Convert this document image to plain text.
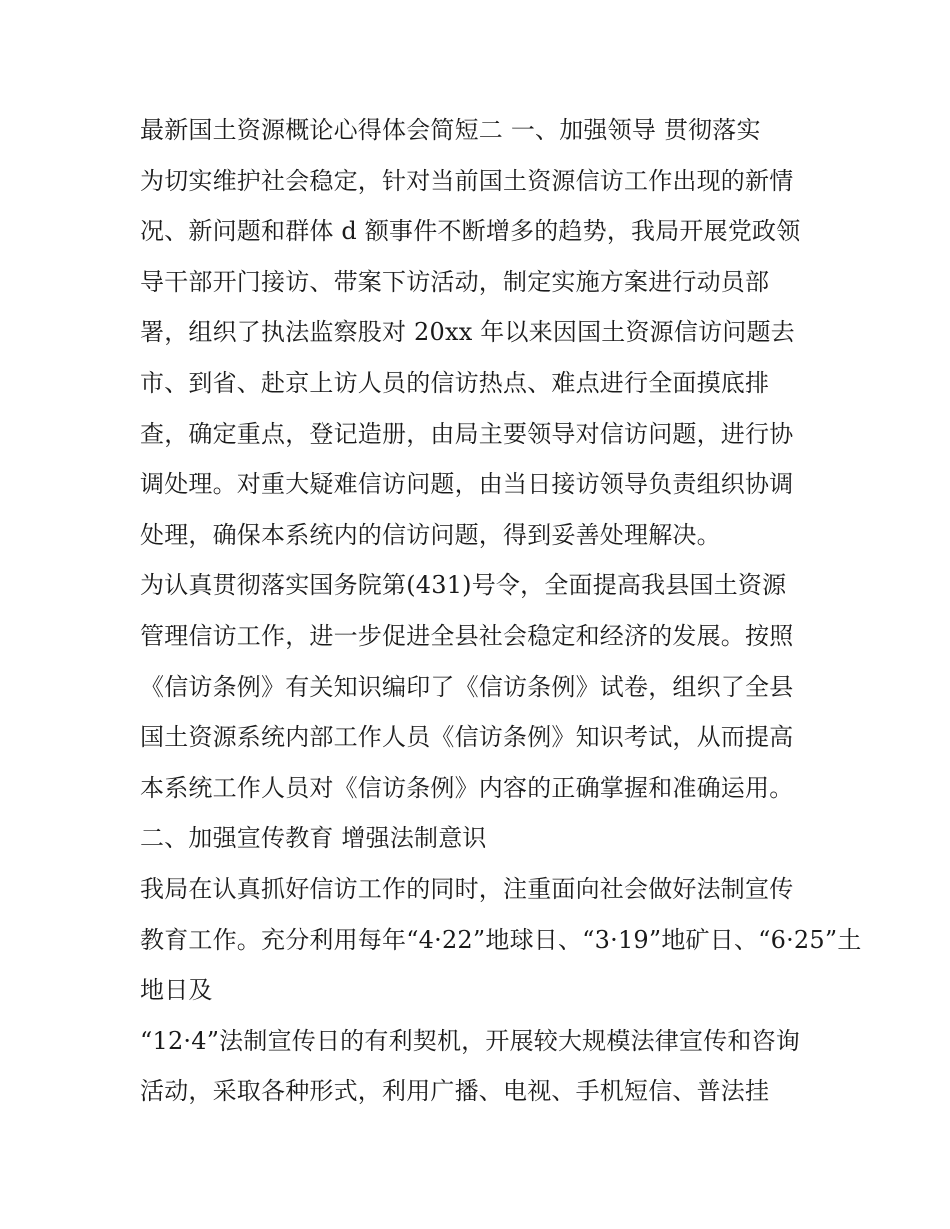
最新国土资源概论心得体会简短二 一、加强领导 贯彻落实
为切实维护社会稳定，针对当前国土资源信访工作出现的新情
况、新问题和群体 d 额事件不断增多的趋势，我局开展党政领
导干部开门接访、带案下访活动，制定实施方案进行动员部
署，组织了执法监察股对 20xx 年以来因国土资源信访问题去
市、到省、赴京上访人员的信访热点、难点进行全面摸底排
查，确定重点，登记造册，由局主要领导对信访问题，进行协
调处理。对重大疑难信访问题，由当日接访领导负责组织协调
处理，确保本系统内的信访问题，得到妥善处理解决。
为认真贯彻落实国务院第(431)号令，全面提高我县国土资源
管理信访工作，进一步促进全县社会稳定和经济的发展。按照
《信访条例》有关知识编印了《信访条例》试卷，组织了全县
国土资源系统内部工作人员《信访条例》知识考试，从而提高
本系统工作人员对《信访条例》内容的正确掌握和准确运用。
二、加强宣传教育 增强法制意识
我局在认真抓好信访工作的同时，注重面向社会做好法制宣传
教育工作。充分利用每年“4·22”地球日、“3·19”地矿日、“6·25”土
地日及
“12·4”法制宣传日的有利契机，开展较大规模法律宣传和咨询
活动，采取各种形式，利用广播、电视、手机短信、普法挂
